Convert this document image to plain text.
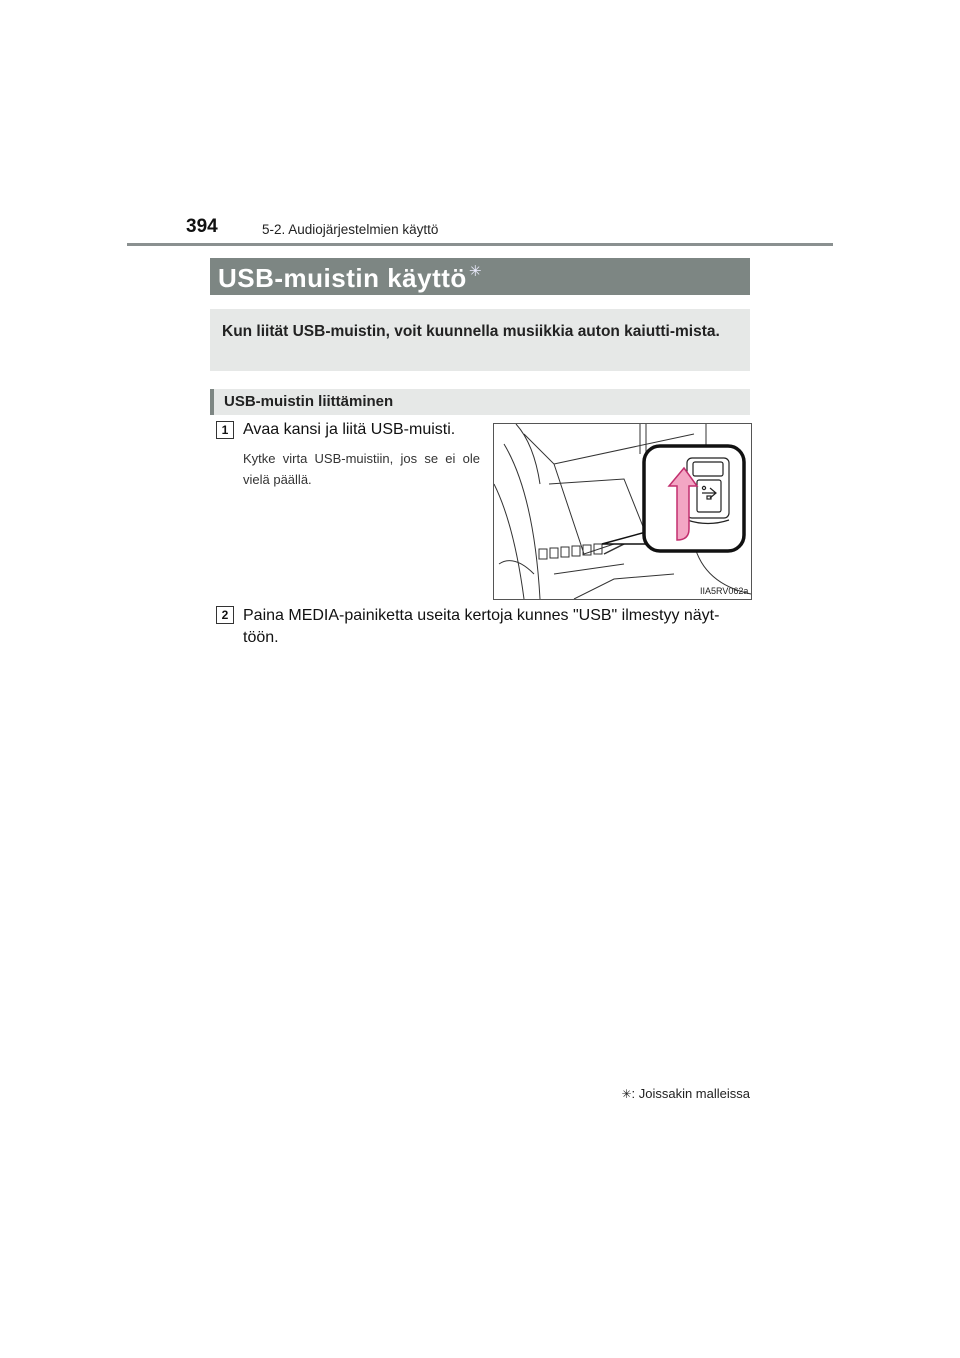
394	5-2. Audiojärjestelmien käyttö
USB-muistin käyttö ✳
Kun liität USB-muistin, voit kuunnella musiikkia auton kaiutti-mista.
USB-muistin liittäminen
1 Avaa kansi ja liitä USB-muisti.
Kytke virta USB-muistiin, jos se ei ole vielä päällä.
IIA5RV062a
2 Paina MEDIA-painiketta useita kertoja kunnes "USB" ilmestyy näyt-töön.
✳: Joissakin malleissa
